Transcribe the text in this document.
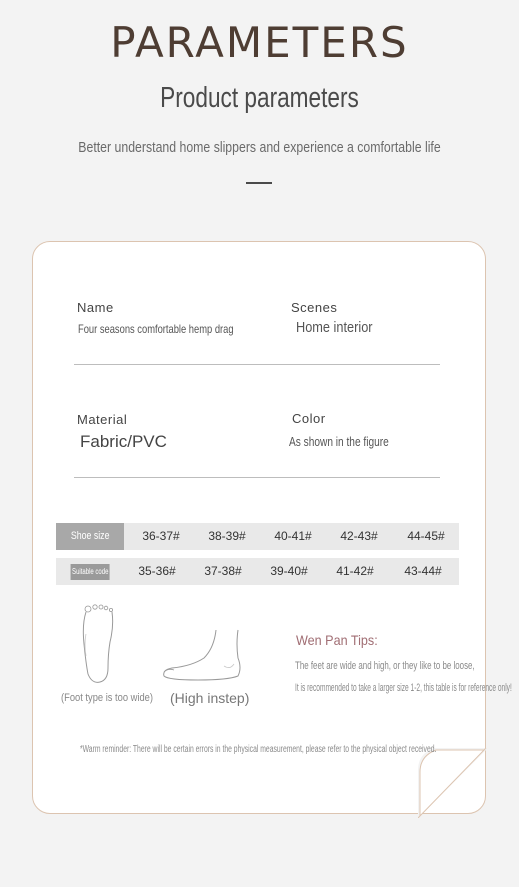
PARAMETERS
Product parameters
Better understand home slippers and experience a comfortable life
Name
Four seasons comfortable hemp drag
Scenes
Home interior
Material
Fabric/PVC
Color
As shown in the figure
Shoe size	36-37#	38-39#	40-41#	42-43#	44-45#
Suitable code	35-36#	37-38#	39-40#	41-42#	43-44#
(Foot type is too wide) (High instep)
Wen Pan Tips:
The feet are wide and high, or they like to be loose,
It is recommended to take a larger size 1-2, this table is for reference only!
*Warm reminder: There will be certain errors in the physical measurement, please refer to the physical object received.
